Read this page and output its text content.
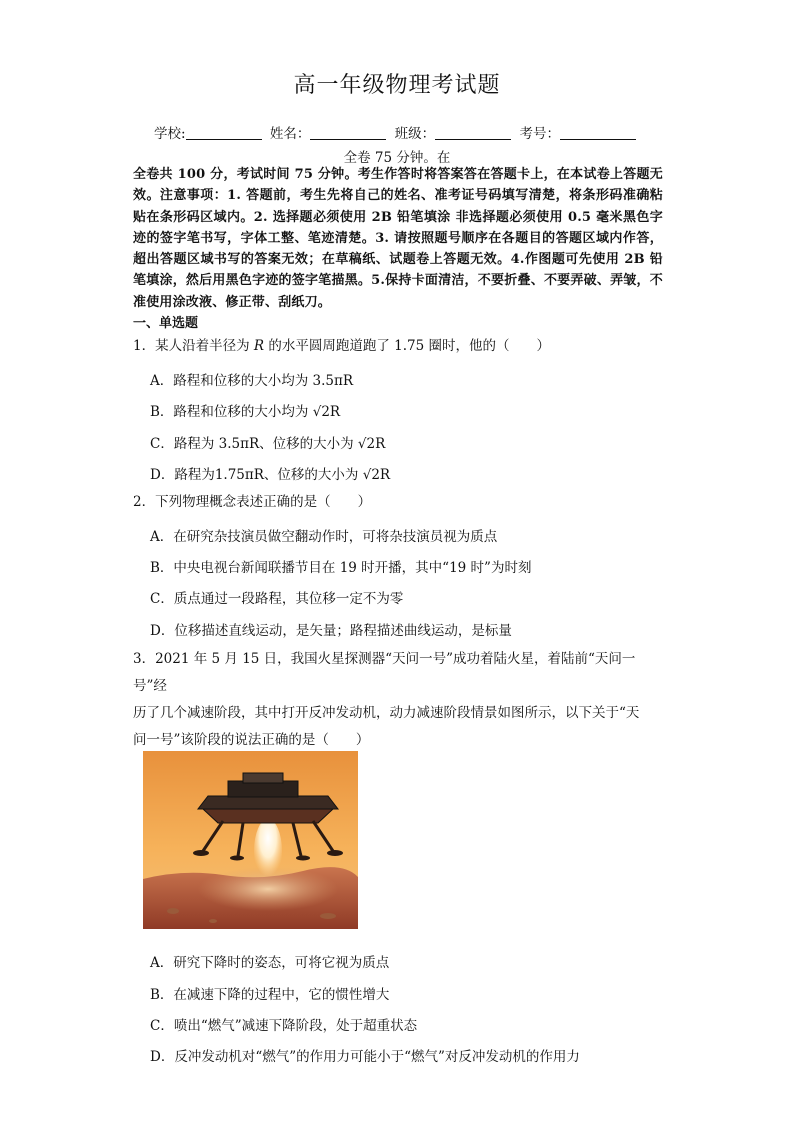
高一年级物理考试题
学校:	姓名：	班级：	考号：
全卷 75 分钟。在
全卷共 100 分，考试时间 75 分钟。考生作答时将答案答在答题卡上，在本试卷上答题无效。注意事项：1. 答题前，考生先将自己的姓名、准考证号码填写清楚，将条形码准确粘贴在条形码区域内。2. 选择题必须使用 2B 铅笔填涂 非选择题必须使用 0.5 毫米黑色字迹的签字笔书写，字体工整、笔迹清楚。3. 请按照题号顺序在各题目的答题区域内作答，超出答题区域书写的答案无效；在草稿纸、试题卷上答题无效。4.作图题可先使用 2B 铅笔填涂，然后用黑色字迹的签字笔描黑。5.保持卡面清洁，不要折叠、不要弄破、弄皱，不准使用涂改液、修正带、刮纸刀。
一、单选题
1．某人沿着半径为 R 的水平圆周跑道跑了 1.75 圈时，他的（　　）
A．路程和位移的大小均为 3.5πR
B．路程和位移的大小均为 √2R
C．路程为 3.5πR、位移的大小为 √2R
D．路程为1.75πR、位移的大小为 √2R
2．下列物理概念表述正确的是（　　）
A．在研究杂技演员做空翻动作时，可将杂技演员视为质点
B．中央电视台新闻联播节目在 19 时开播，其中“19 时”为时刻
C．质点通过一段路程，其位移一定不为零
D．位移描述直线运动，是矢量；路程描述曲线运动，是标量
3．2021 年 5 月 15 日，我国火星探测器“天问一号”成功着陆火星，着陆前“天问一号”经
历了几个减速阶段，其中打开反冲发动机，动力减速阶段情景如图所示，以下关于“天
问一号”该阶段的说法正确的是（　　）
A．研究下降时的姿态，可将它视为质点
B．在减速下降的过程中，它的惯性增大
C．喷出“燃气”减速下降阶段，处于超重状态
D．反冲发动机对“燃气”的作用力可能小于“燃气”对反冲发动机的作用力
